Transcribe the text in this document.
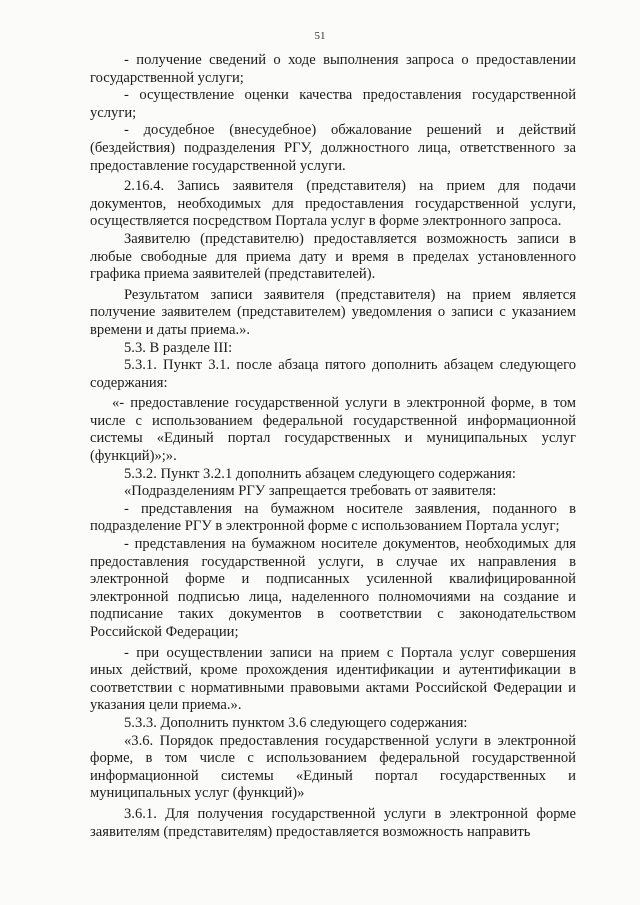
51

- получение сведений о ходе выполнения запроса о предоставлении государственной услуги;

- осуществление оценки качества предоставления государственной услуги;

- досудебное (внесудебное) обжалование решений и действий (бездействия) подразделения РГУ, должностного лица, ответственного за предоставление государственной услуги.

2.16.4. Запись заявителя (представителя) на прием для подачи документов, необходимых для предоставления государственной услуги, осуществляется посредством Портала услуг в форме электронного запроса.

Заявителю (представителю) предоставляется возможность записи в любые свободные для приема дату и время в пределах установленного графика приема заявителей (представителей).

Результатом записи заявителя (представителя) на прием является получение заявителем (представителем) уведомления о записи с указанием времени и даты приема.».

5.3. В разделе III:

5.3.1. Пункт 3.1. после абзаца пятого дополнить абзацем следующего содержания:

«- предоставление государственной услуги в электронной форме, в том числе с использованием федеральной государственной информационной системы «Единый портал государственных и муниципальных услуг (функций)»;».

5.3.2. Пункт 3.2.1 дополнить абзацем следующего содержания:

«Подразделениям РГУ запрещается требовать от заявителя:

- представления на бумажном носителе заявления, поданного в подразделение РГУ в электронной форме с использованием Портала услуг;

- представления на бумажном носителе документов, необходимых для предоставления государственной услуги, в случае их направления в электронной форме и подписанных усиленной квалифицированной электронной подписью лица, наделенного полномочиями на создание и подписание таких документов в соответствии с законодательством Российской Федерации;

- при осуществлении записи на прием с Портала услуг совершения иных действий, кроме прохождения идентификации и аутентификации в соответствии с нормативными правовыми актами Российской Федерации и указания цели приема.».

5.3.3. Дополнить пунктом 3.6 следующего содержания:

«3.6. Порядок предоставления государственной услуги в электронной форме, в том числе с использованием федеральной государственной информационной системы «Единый портал государственных и муниципальных услуг (функций)»

3.6.1. Для получения государственной услуги в электронной форме заявителям (представителям) предоставляется возможность направить
